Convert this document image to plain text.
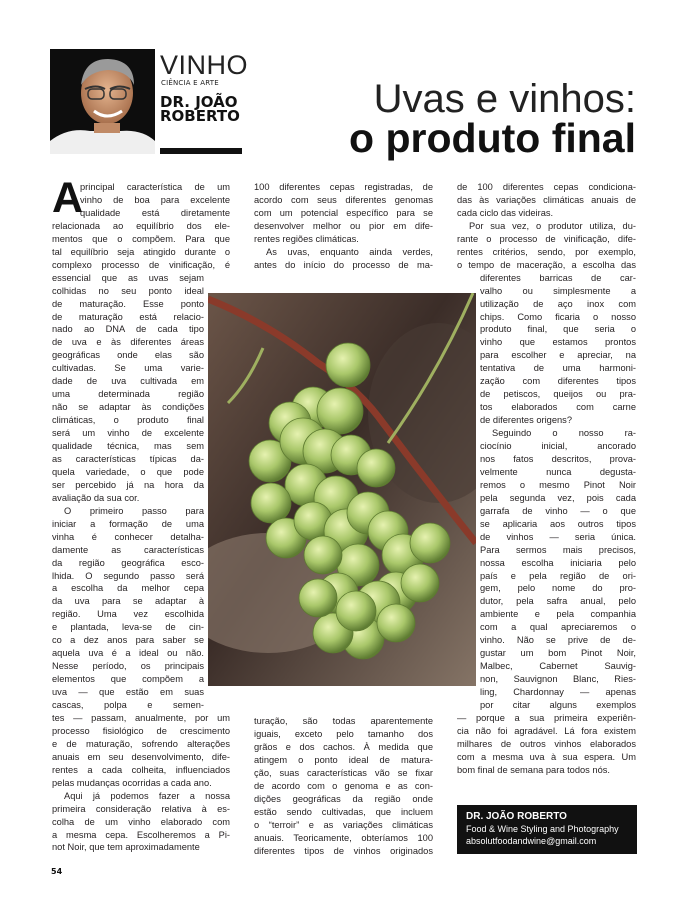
VINHO
CIÊNCIA E ARTE
DR. JOÃO
ROBERTO	Uvas e vinhos:
o produto final
A
principal característica de um
vinho de boa para excelente
qualidade está diretamente
relacionada ao equilíbrio dos ele-
mentos que o compõem. Para que
tal equilíbrio seja atingido durante o
complexo processo de vinificação, é
essencial que as uvas sejam
colhidas no seu ponto ideal
de maturação. Esse ponto
de maturação está relacio-
nado ao DNA de cada tipo
de uva e às diferentes áreas
geográficas onde elas são
cultivadas. Se uma varie-
dade de uva cultivada em
uma determinada região
não se adaptar às condições
climáticas, o produto final
será um vinho de excelente
qualidade técnica, mas sem
as características típicas da-
quela variedade, o que pode
ser percebido já na hora da
avaliação da sua cor.
O primeiro passo para
iniciar a formação de uma
vinha é conhecer detalha-
damente as características
da região geográfica esco-
lhida. O segundo passo será
a escolha da melhor cepa
da uva para se adaptar à
região. Uma vez escolhida
e plantada, leva-se de cin-
co a dez anos para saber se
aquela uva é a ideal ou não.
Nesse período, os principais
elementos que compõem a
uva — que estão em suas
cascas, polpa e semen-
tes — passam, anualmente, por um
processo fisiológico de crescimento
e de maturação, sofrendo alterações
anuais em seu desenvolvimento, dife-
rentes a cada colheita, influenciados
pelas mudanças ocorridas a cada ano.
Aqui já podemos fazer a nossa
primeira consideração relativa à es-
colha de um vinho elaborado com
a mesma cepa. Escolheremos a Pi-
not Noir, que tem aproximadamente
100 diferentes cepas registradas, de
acordo com seus diferentes genomas
com um potencial específico para se
desenvolver melhor ou pior em dife-
rentes regiões climáticas.
As uvas, enquanto ainda verdes,
antes do início do processo de ma-
turação, são todas aparentemente
iguais, exceto pelo tamanho dos
grãos e dos cachos. À medida que
atingem o ponto ideal de matura-
ção, suas características vão se fixar
de acordo com o genoma e as con-
dições geográficas da região onde
estão sendo cultivadas, que incluem
o “terroir” e as variações climáticas
anuais. Teoricamente, obteríamos 100
diferentes tipos de vinhos originados
de 100 diferentes cepas condiciona-
das às variações climáticas anuais de
cada ciclo das videiras.
Por sua vez, o produtor utiliza, du-
rante o processo de vinificação, dife-
rentes critérios, sendo, por exemplo,
o tempo de maceração, a escolha das
diferentes barricas de car-
valho ou simplesmente a
utilização de aço inox com
chips. Como ficaria o nosso
produto final, que seria o
vinho que estamos prontos
para escolher e apreciar, na
tentativa de uma harmoni-
zação com diferentes tipos
de petiscos, queijos ou pra-
tos elaborados com carne
de diferentes origens?
Seguindo o nosso ra-
ciocínio inicial, ancorado
nos fatos descritos, prova-
velmente nunca degusta-
remos o mesmo Pinot Noir
pela segunda vez, pois cada
garrafa de vinho — o que
se aplicaria aos outros tipos
de vinhos — seria única.
Para sermos mais precisos,
nossa escolha iniciaria pelo
país e pela região de ori-
gem, pelo nome do pro-
dutor, pela safra anual, pelo
ambiente e pela companhia
com a qual apreciaremos o
vinho. Não se prive de de-
gustar um bom Pinot Noir,
Malbec, Cabernet Sauvig-
non, Sauvignon Blanc, Ries-
ling, Chardonnay — apenas
por citar alguns exemplos
— porque a sua primeira experiên-
cia não foi agradável. Lá fora existem
milhares de outros vinhos elaborados
com a mesma uva à sua espera. Um
bom final de semana para todos nós.
DR. JOÃO ROBERTO
Food & Wine Styling and Photography
absolutfoodandwine@gmail.com
54
